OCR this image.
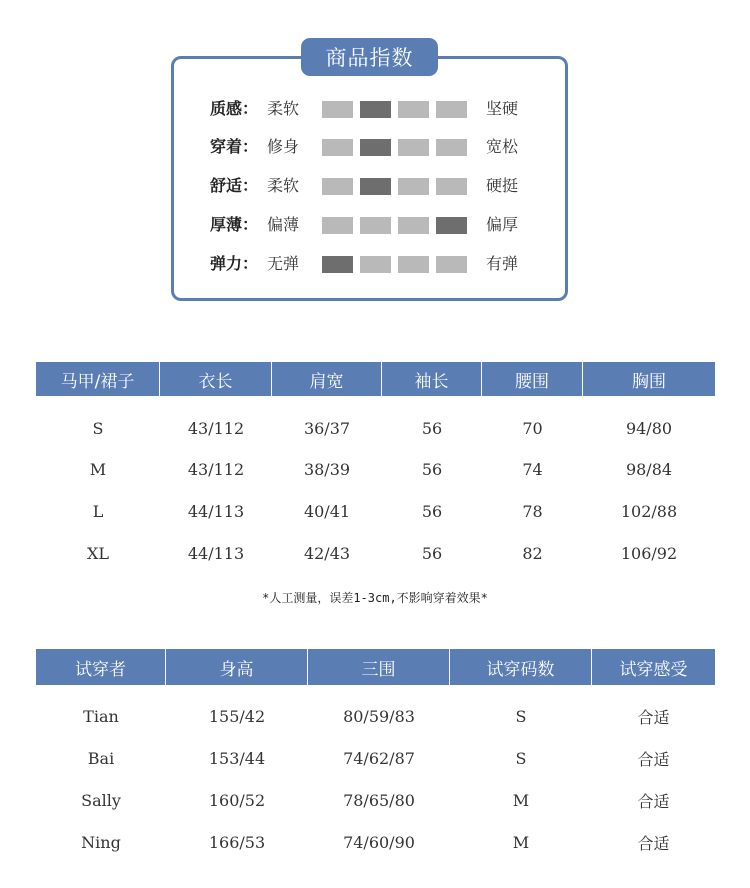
商品指数
质感： 柔软	坚硬
穿着： 修身	宽松
舒适： 柔软	硬挺
厚薄： 偏薄	偏厚
弹力： 无弹	有弹
马甲/裙子	衣长	肩宽	袖长	腰围	胸围
S	43/112	36/37	56	70	94/80
M	43/112	38/39	56	74	98/84
L	44/113	40/41	56	78	102/88
XL	44/113	42/43	56	82	106/92
*人工测量，误差1-3cm,不影响穿着效果*
试穿者	身高	三围	试穿码数	试穿感受
Tian	155/42	80/59/83	S	合适
Bai	153/44	74/62/87	S	合适
Sally	160/52	78/65/80	M	合适
Ning	166/53	74/60/90	M	合适
